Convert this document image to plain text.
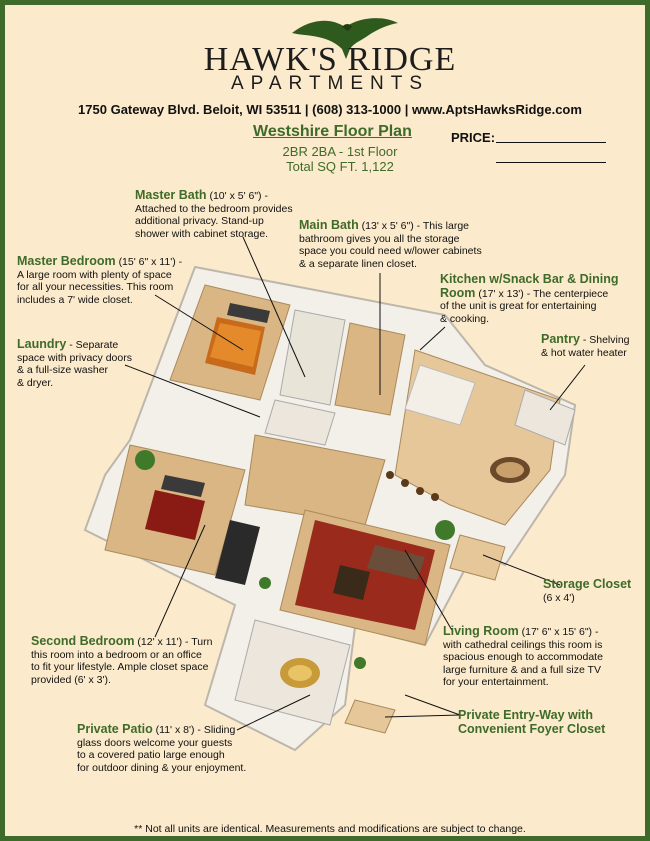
HAWK'S RIDGE
APARTMENTS
1750 Gateway Blvd. Beloit, WI 53511 | (608) 313-1000 | www.AptsHawksRidge.com
Westshire Floor Plan
2BR 2BA - 1st Floor
Total SQ FT. 1,122
PRICE:
Master Bath (10' x 5' 6") -
Attached to the bedroom provides
additional privacy. Stand-up
shower with cabinet storage.
Main Bath (13' x 5' 6") - This large
bathroom gives you all the storage
space you could need w/lower cabinets
& a separate linen closet.
Master Bedroom (15' 6" x 11') -
A large room with plenty of space
for all your necessities. This room
includes a 7' wide closet.
Kitchen w/Snack Bar & Dining
Room (17' x 13') - The centerpiece
of the unit is great for entertaining
& cooking.
Laundry - Separate
space with privacy doors
& a full-size washer
& dryer.
Pantry - Shelving
& hot water heater
Storage Closet
(6 x 4')
Second Bedroom (12' x 11') - Turn
this room into a bedroom or an office
to fit your lifestyle. Ample closet space
provided (6' x 3').
Living Room (17' 6" x 15' 6") -
with cathedral ceilings this room is
spacious enough to accommodate
large furniture & and a full size TV
for your entertainment.
Private Entry-Way with
Convenient Foyer Closet
Private Patio (11' x 8') - Sliding
glass doors welcome your guests
to a covered patio large enough
for outdoor dining & your enjoyment.
** Not all units are identical. Measurements and modifications are subject to change.
